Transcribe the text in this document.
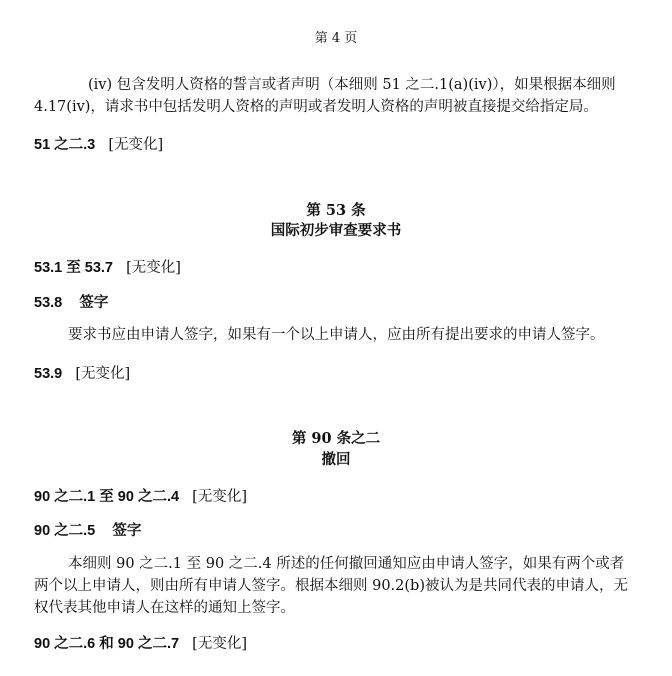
第 4 页
(iv) 包含发明人资格的誓言或者声明（本细则 51 之二.1(a)(iv)），如果根据本细则
4.17(iv)，请求书中包括发明人资格的声明或者发明人资格的声明被直接提交给指定局。
51 之二.3 [无变化]
第 53 条
国际初步审查要求书
53.1 至 53.7 [无变化]
53.8 签字
要求书应由申请人签字，如果有一个以上申请人，应由所有提出要求的申请人签字。
53.9 [无变化]
第 90 条之二
撤回
90 之二.1 至 90 之二.4 [无变化]
90 之二.5 签字
本细则 90 之二.1 至 90 之二.4 所述的任何撤回通知应由申请人签字，如果有两个或者
两个以上申请人，则由所有申请人签字。根据本细则 90.2(b)被认为是共同代表的申请人，无
权代表其他申请人在这样的通知上签字。
90 之二.6 和 90 之二.7 [无变化]
